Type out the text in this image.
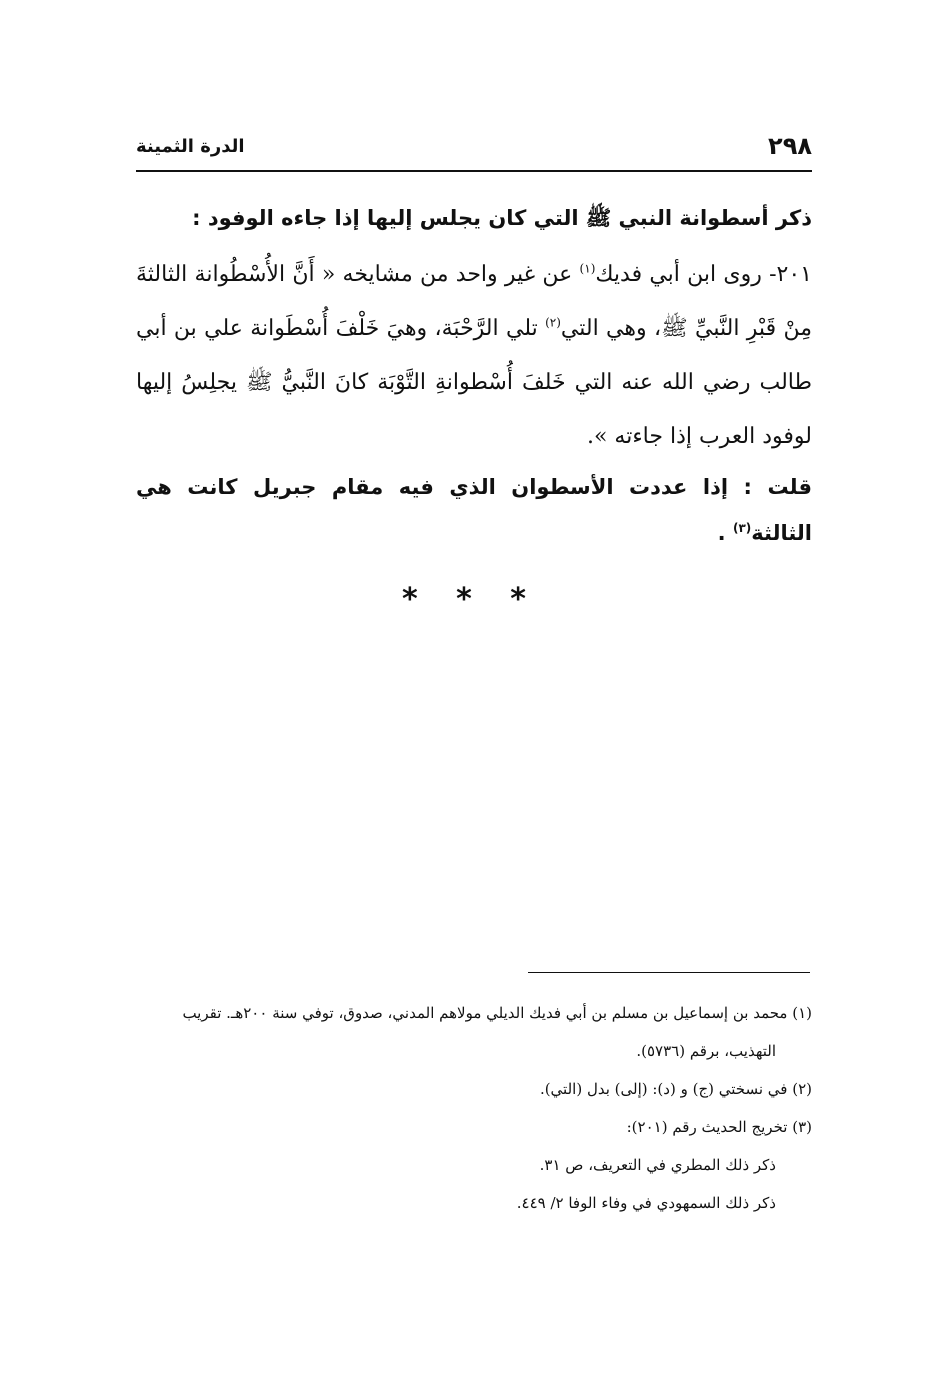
٢٩٨
الدرة الثمينة

ذكر أسطوانة النبي ﷺ التي كان يجلس إليها إذا جاءه الوفود :

٢٠١- روى ابن أبي فديك$^{(١)}$ عن غير واحد من مشايخه « أَنَّ الأُسْطُوانة الثالثةَ مِنْ قَبْرِ النَّبيِّ ﷺ، وهي التي$^{(٢)}$ تلي الرَّحْبَة، وهيَ خَلْفَ أُسْطَوانة علي بن أبي طالب رضي الله عنه التي خَلفَ أُسْطوانةِ التَّوْبَة كانَ النَّبيُّ ﷺ يجلِسُ إليها لوفود العرب إذا جاءته ».

قلت : إذا عددت الأسطوان الذي فيه مقام جبريل كانت هي الثالثة$^{(٣)}$ .

* * *

(١) محمد بن إسماعيل بن مسلم بن أبي فديك الديلي مولاهم المدني، صدوق، توفي سنة ٢٠٠هـ. تقريب

التهذيب، برقم (٥٧٣٦).

(٢) في نسختي (ج) و (د): (إلى) بدل (التي).

(٣) تخريج الحديث رقم (٢٠١):

ذكر ذلك المطري في التعريف، ص ٣١.

ذكر ذلك السمهودي في وفاء الوفا ٢/ ٤٤٩.
